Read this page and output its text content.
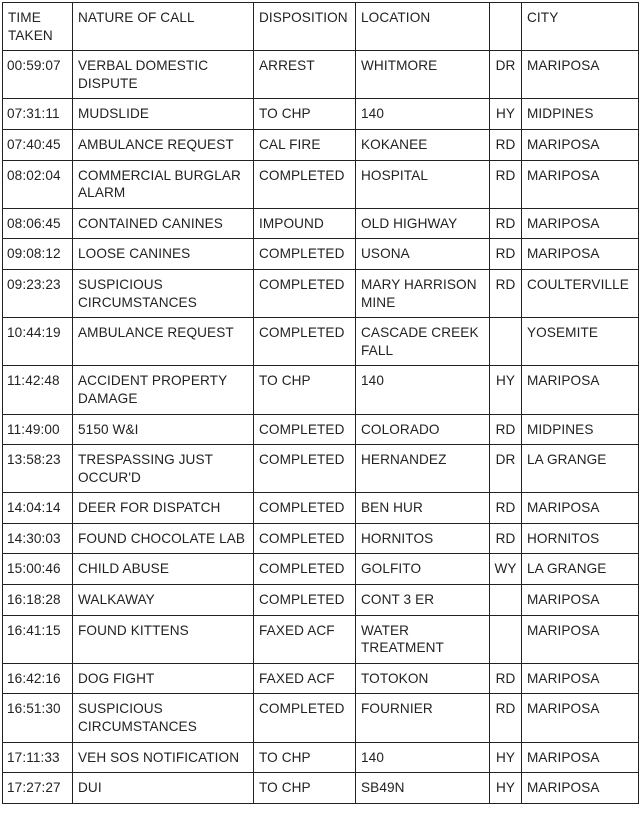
TIME TAKEN	NATURE OF CALL	DISPOSITION	LOCATION		CITY
00:59:07	VERBAL DOMESTIC DISPUTE	ARREST	WHITMORE	DR	MARIPOSA
07:31:11	MUDSLIDE	TO CHP	140	HY	MIDPINES
07:40:45	AMBULANCE REQUEST	CAL FIRE	KOKANEE	RD	MARIPOSA
08:02:04	COMMERCIAL BURGLAR ALARM	COMPLETED	HOSPITAL	RD	MARIPOSA
08:06:45	CONTAINED CANINES	IMPOUND	OLD HIGHWAY	RD	MARIPOSA
09:08:12	LOOSE CANINES	COMPLETED	USONA	RD	MARIPOSA
09:23:23	SUSPICIOUS CIRCUMSTANCES	COMPLETED	MARY HARRISON MINE	RD	COULTERVILLE
10:44:19	AMBULANCE REQUEST	COMPLETED	CASCADE CREEK FALL		YOSEMITE
11:42:48	ACCIDENT PROPERTY DAMAGE	TO CHP	140	HY	MARIPOSA
11:49:00	5150 W&I	COMPLETED	COLORADO	RD	MIDPINES
13:58:23	TRESPASSING JUST OCCUR'D	COMPLETED	HERNANDEZ	DR	LA GRANGE
14:04:14	DEER FOR DISPATCH	COMPLETED	BEN HUR	RD	MARIPOSA
14:30:03	FOUND CHOCOLATE LAB	COMPLETED	HORNITOS	RD	HORNITOS
15:00:46	CHILD ABUSE	COMPLETED	GOLFITO	WY	LA GRANGE
16:18:28	WALKAWAY	COMPLETED	CONT 3 ER		MARIPOSA
16:41:15	FOUND KITTENS	FAXED ACF	WATER TREATMENT		MARIPOSA
16:42:16	DOG FIGHT	FAXED ACF	TOTOKON	RD	MARIPOSA
16:51:30	SUSPICIOUS CIRCUMSTANCES	COMPLETED	FOURNIER	RD	MARIPOSA
17:11:33	VEH SOS NOTIFICATION	TO CHP	140	HY	MARIPOSA
17:27:27	DUI	TO CHP	SB49N	HY	MARIPOSA
